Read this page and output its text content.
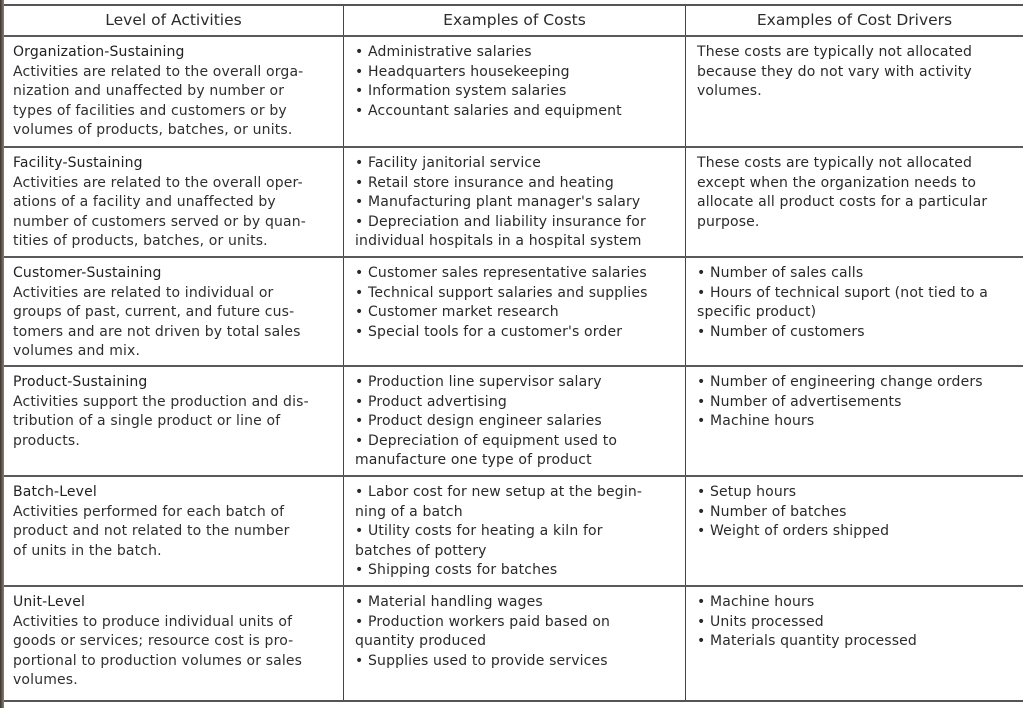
Level of Activities	Examples of Costs	Examples of Cost Drivers
Organization-Sustaining
Activities are related to the overall orga-
nization and unaffected by number or
types of facilities and customers or by
volumes of products, batches, or units.
• Administrative salaries
• Headquarters housekeeping
• Information system salaries
• Accountant salaries and equipment
These costs are typically not allocated
because they do not vary with activity
volumes.
Facility-Sustaining
Activities are related to the overall oper-
ations of a facility and unaffected by
number of customers served or by quan-
tities of products, batches, or units.
• Facility janitorial service
• Retail store insurance and heating
• Manufacturing plant manager's salary
• Depreciation and liability insurance for
individual hospitals in a hospital system
These costs are typically not allocated
except when the organization needs to
allocate all product costs for a particular
purpose.
Customer-Sustaining
Activities are related to individual or
groups of past, current, and future cus-
tomers and are not driven by total sales
volumes and mix.
• Customer sales representative salaries
• Technical support salaries and supplies
• Customer market research
• Special tools for a customer's order
• Number of sales calls
• Hours of technical suport (not tied to a
specific product)
• Number of customers
Product-Sustaining
Activities support the production and dis-
tribution of a single product or line of
products.
• Production line supervisor salary
• Product advertising
• Product design engineer salaries
• Depreciation of equipment used to
manufacture one type of product
• Number of engineering change orders
• Number of advertisements
• Machine hours
Batch-Level
Activities performed for each batch of
product and not related to the number
of units in the batch.
• Labor cost for new setup at the begin-
ning of a batch
• Utility costs for heating a kiln for
batches of pottery
• Shipping costs for batches
• Setup hours
• Number of batches
• Weight of orders shipped
Unit-Level
Activities to produce individual units of
goods or services; resource cost is pro-
portional to production volumes or sales
volumes.
• Material handling wages
• Production workers paid based on
quantity produced
• Supplies used to provide services
• Machine hours
• Units processed
• Materials quantity processed
